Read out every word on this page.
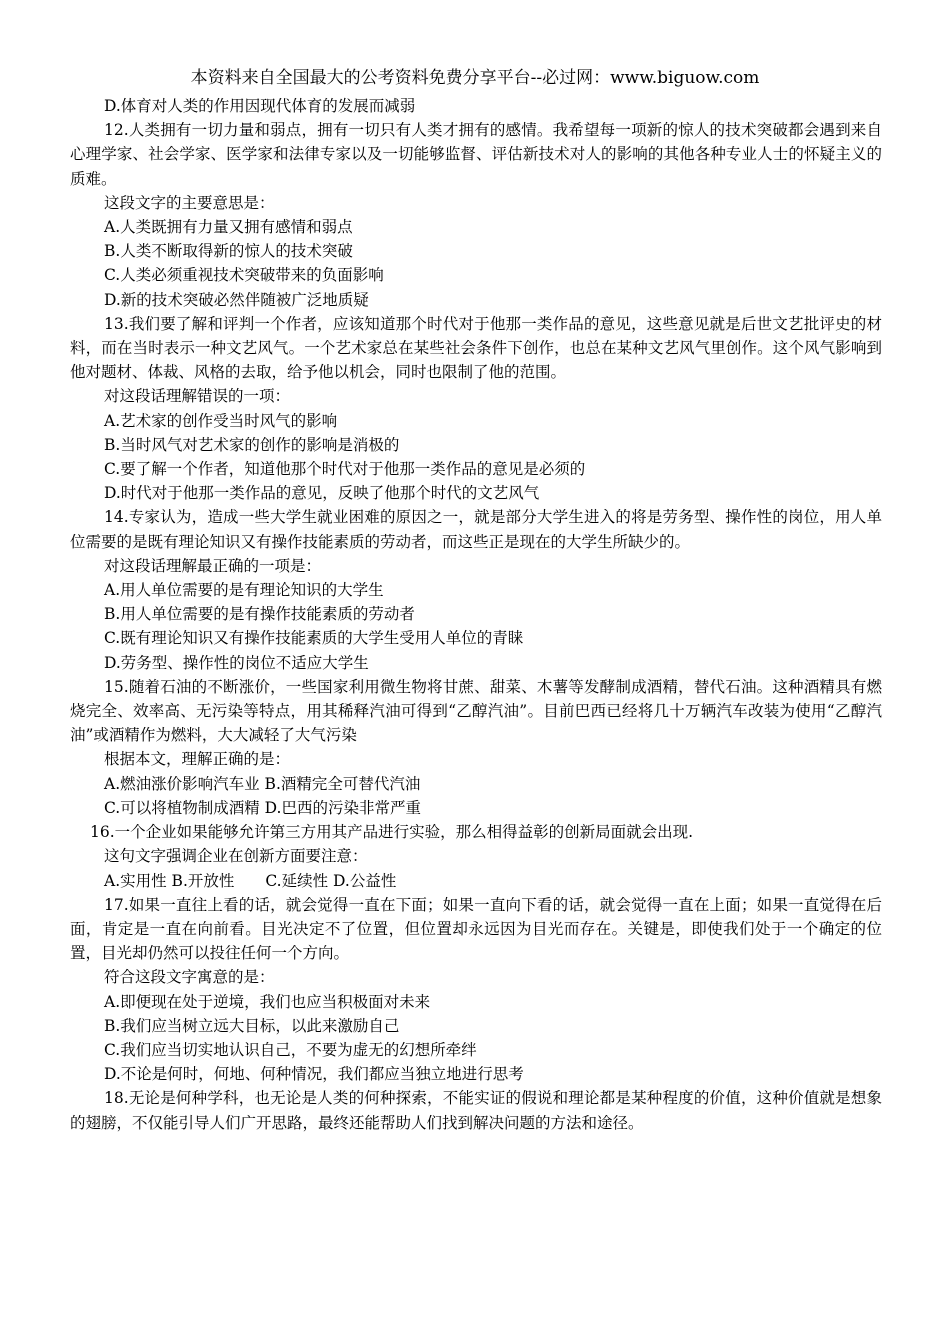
本资料来自全国最大的公考资料免费分享平台--必过网：www.biguow.com

D.体育对人类的作用因现代体育的发展而减弱

12.人类拥有一切力量和弱点，拥有一切只有人类才拥有的感情。我希望每一项新的惊人的技术突破都会遇到来自心理学家、社会学家、医学家和法律专家以及一切能够监督、评估新技术对人的影响的其他各种专业人士的怀疑主义的质难。

这段文字的主要意思是：

A.人类既拥有力量又拥有感情和弱点

B.人类不断取得新的惊人的技术突破

C.人类必须重视技术突破带来的负面影响

D.新的技术突破必然伴随被广泛地质疑

13.我们要了解和评判一个作者，应该知道那个时代对于他那一类作品的意见，这些意见就是后世文艺批评史的材料，而在当时表示一种文艺风气。一个艺术家总在某些社会条件下创作，也总在某种文艺风气里创作。这个风气影响到他对题材、体裁、风格的去取，给予他以机会，同时也限制了他的范围。

对这段话理解错误的一项：

A.艺术家的创作受当时风气的影响

B.当时风气对艺术家的创作的影响是消极的

C.要了解一个作者，知道他那个时代对于他那一类作品的意见是必须的

D.时代对于他那一类作品的意见，反映了他那个时代的文艺风气

14.专家认为，造成一些大学生就业困难的原因之一，就是部分大学生进入的将是劳务型、操作性的岗位，用人单位需要的是既有理论知识又有操作技能素质的劳动者，而这些正是现在的大学生所缺少的。

对这段话理解最正确的一项是：

A.用人单位需要的是有理论知识的大学生

B.用人单位需要的是有操作技能素质的劳动者

C.既有理论知识又有操作技能素质的大学生受用人单位的青睐

D.劳务型、操作性的岗位不适应大学生

15.随着石油的不断涨价，一些国家利用微生物将甘蔗、甜菜、木薯等发酵制成酒精，替代石油。这种酒精具有燃烧完全、效率高、无污染等特点，用其稀释汽油可得到“乙醇汽油”。目前巴西已经将几十万辆汽车改装为使用“乙醇汽油”或酒精作为燃料，大大减轻了大气污染

根据本文，理解正确的是：

A.燃油涨价影响汽车业 B.酒精完全可替代汽油

C.可以将植物制成酒精 D.巴西的污染非常严重

16.一个企业如果能够允许第三方用其产品进行实验，那么相得益彰的创新局面就会出现.

这句文字强调企业在创新方面要注意：

A.实用性 B.开放性　　C.延续性 D.公益性

17.如果一直往上看的话，就会觉得一直在下面；如果一直向下看的话，就会觉得一直在上面；如果一直觉得在后面，肯定是一直在向前看。目光决定不了位置，但位置却永远因为目光而存在。关键是，即使我们处于一个确定的位置，目光却仍然可以投往任何一个方向。

符合这段文字寓意的是：

A.即便现在处于逆境，我们也应当积极面对未来

B.我们应当树立远大目标，以此来激励自己

C.我们应当切实地认识自己，不要为虚无的幻想所牵绊

D.不论是何时，何地、何种情况，我们都应当独立地进行思考

18.无论是何种学科，也无论是人类的何种探索，不能实证的假说和理论都是某种程度的价值，这种价值就是想象的翅膀，不仅能引导人们广开思路，最终还能帮助人们找到解决问题的方法和途径。
